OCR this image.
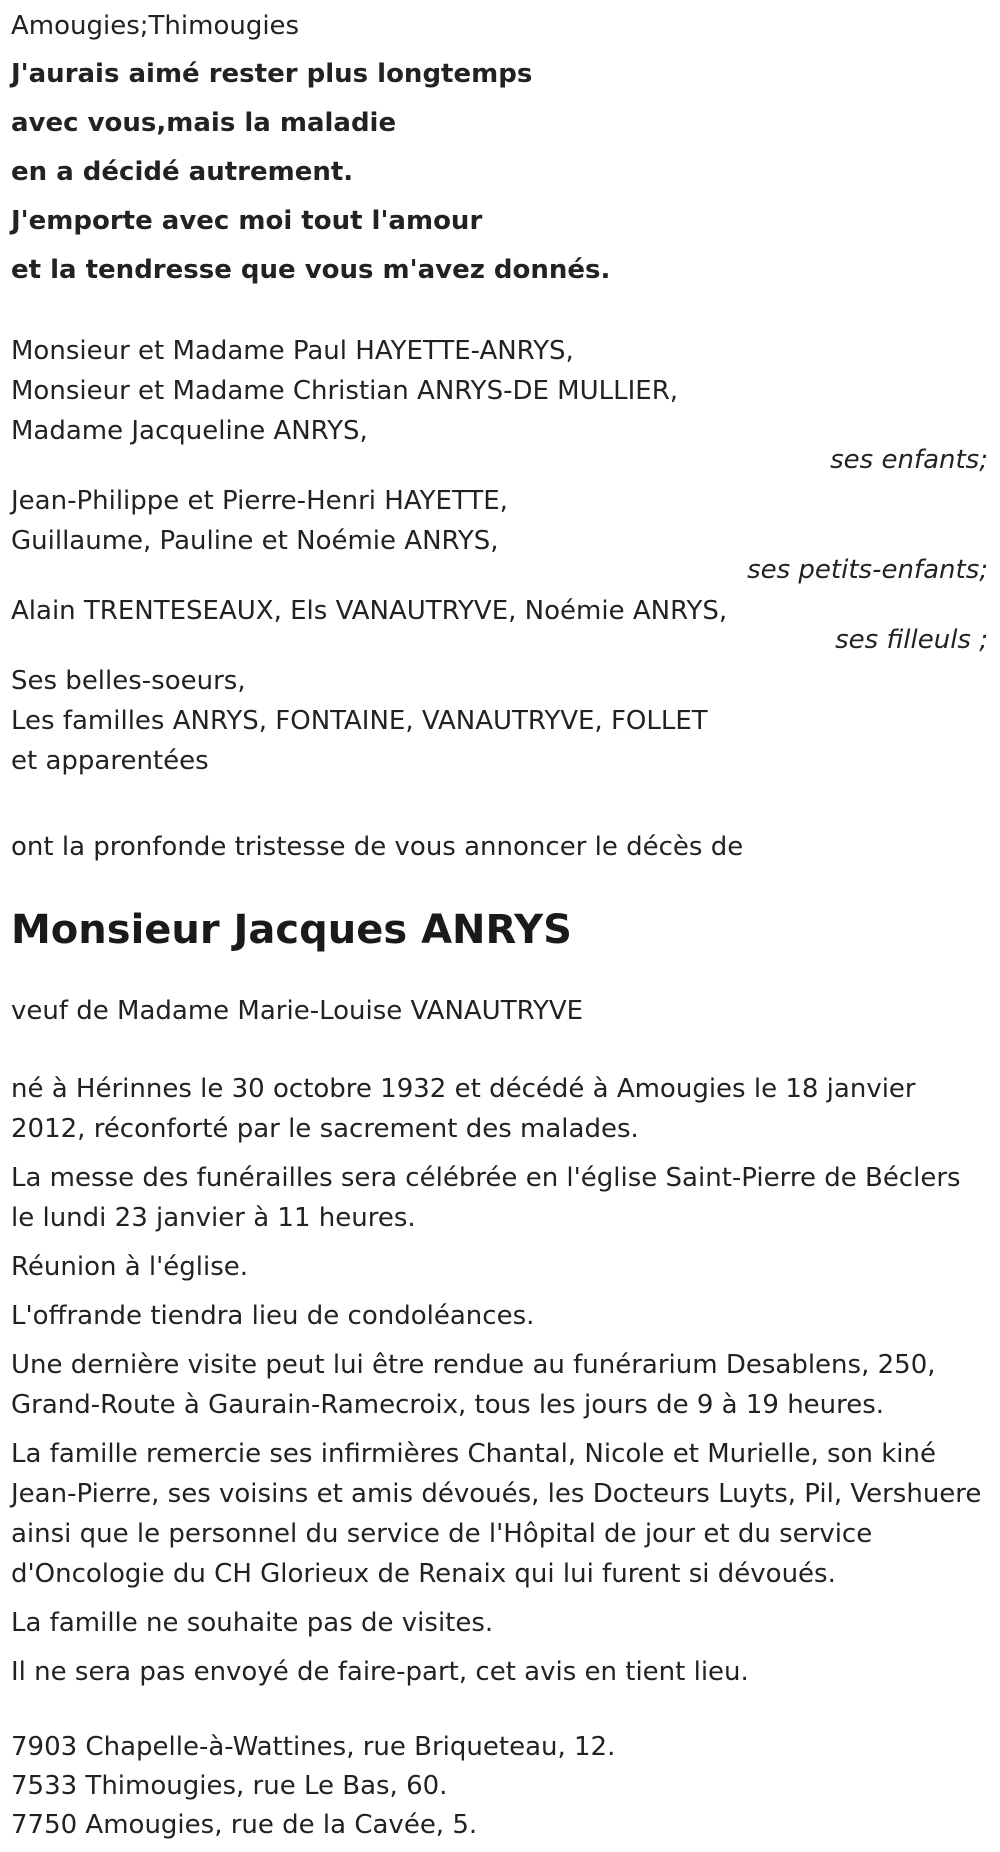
Amougies;Thimougies
J'aurais aimé rester plus longtemps
avec vous,mais la maladie
en a décidé autrement.
J'emporte avec moi tout l'amour
et la tendresse que vous m'avez donnés.
Monsieur et Madame Paul HAYETTE-ANRYS,
Monsieur et Madame Christian ANRYS-DE MULLIER,
Madame Jacqueline ANRYS,
ses enfants;
Jean-Philippe et Pierre-Henri HAYETTE,
Guillaume, Pauline et Noémie ANRYS,
ses petits-enfants;
Alain TRENTESEAUX, Els VANAUTRYVE, Noémie ANRYS,
ses filleuls ;
Ses belles-soeurs,
Les familles ANRYS, FONTAINE, VANAUTRYVE, FOLLET
et apparentées
ont la pronfonde tristesse de vous annoncer le décès de
Monsieur Jacques ANRYS
veuf de Madame Marie-Louise VANAUTRYVE

né à Hérinnes le 30 octobre 1932 et décédé à Amougies le 18 janvier 2012, réconforté par le sacrement des malades.

La messe des funérailles sera célébrée en l'église Saint-Pierre de Béclers le lundi 23 janvier à 11 heures.

Réunion à l'église.

L'offrande tiendra lieu de condoléances.

Une dernière visite peut lui être rendue au funérarium Desablens, 250, Grand-Route à Gaurain-Ramecroix, tous les jours de 9 à 19 heures.

La famille remercie ses infirmières Chantal, Nicole et Murielle, son kiné Jean-Pierre, ses voisins et amis dévoués, les Docteurs Luyts, Pil, Vershuere ainsi que le personnel du service de l'Hôpital de jour et du service d'Oncologie du CH Glorieux de Renaix qui lui furent si dévoués.

La famille ne souhaite pas de visites.

Il ne sera pas envoyé de faire-part, cet avis en tient lieu.

7903 Chapelle-à-Wattines, rue Briqueteau, 12.
7533 Thimougies, rue Le Bas, 60.
7750 Amougies, rue de la Cavée, 5.
